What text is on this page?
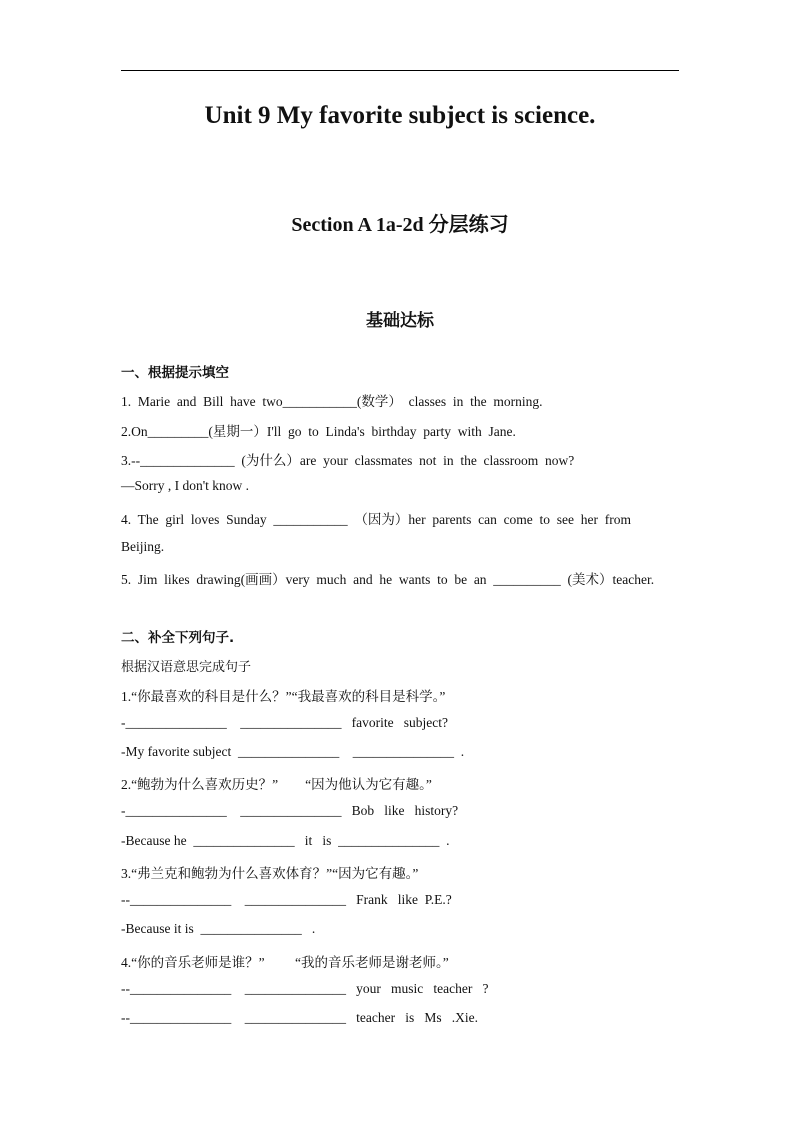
Unit 9 My favorite subject is science.
Section A 1a-2d 分层练习
基础达标
一、根据提示填空
1.  Marie  and  Bill  have  two___________(数学）  classes  in  the  morning.
2.On_________(星期一）I'll  go  to  Linda's  birthday  party  with  Jane.
3.--______________  (为什么）are  your  classmates  not  in  the  classroom  now?
—Sorry , I don't know .
4.  The  girl  loves  Sunday  ___________  （因为）her  parents  can  come  to  see  her  from
Beijing.
5.  Jim  likes  drawing(画画）very  much  and  he  wants  to  be  an  __________  (美术）teacher.
二、补全下列句子.
根据汉语意思完成句子
1.“你最喜欢的科目是什么？”“我最喜欢的科目是科学。”
-_______________    _______________   favorite   subject?
-My favorite subject  _______________    _______________  .
2.“鲍勃为什么喜欢历史？”        “因为他认为它有趣。”
-_______________    _______________   Bob   like   history?
-Because he  _______________   it   is  _______________  .
3.“弗兰克和鲍勃为什么喜欢体育？”“因为它有趣。”
--_______________    _______________   Frank   like  P.E.?
-Because it is  _______________   .
4.“你的音乐老师是谁？”         “我的音乐老师是谢老师。”
--_______________    _______________   your   music   teacher   ?
--_______________    _______________   teacher   is   Ms   .Xie.
